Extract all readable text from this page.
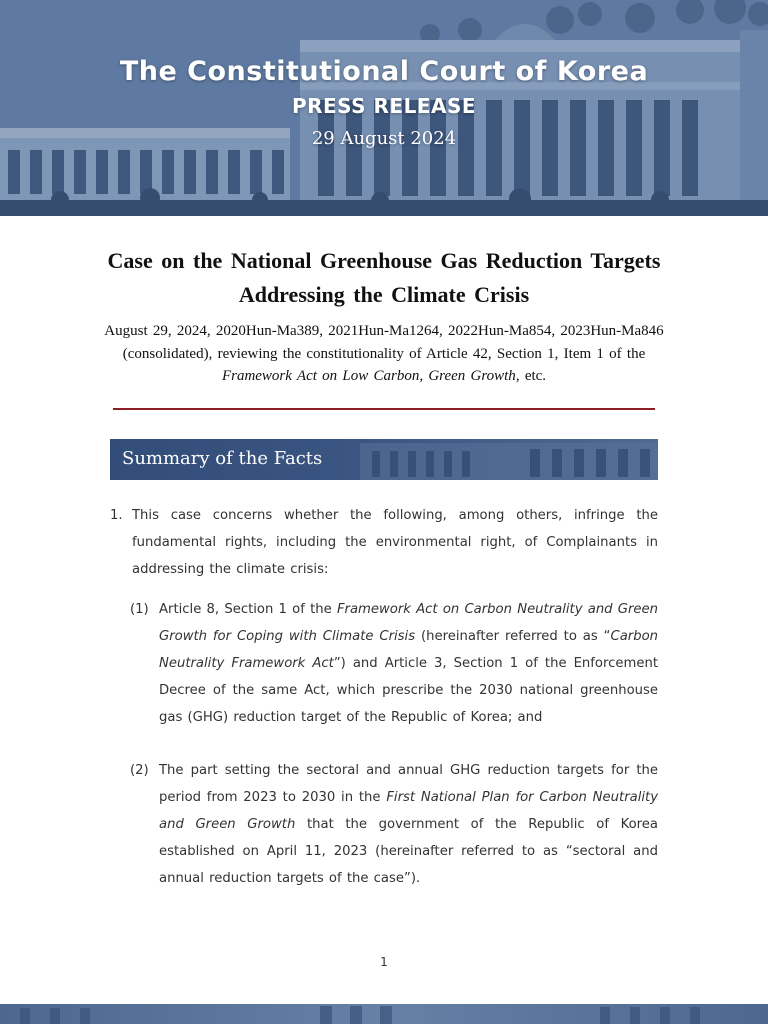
The Constitutional Court of Korea
PRESS RELEASE
29 August 2024
Case on the National Greenhouse Gas Reduction Targets Addressing the Climate Crisis
August 29, 2024, 2020Hun-Ma389, 2021Hun-Ma1264, 2022Hun-Ma854, 2023Hun-Ma846 (consolidated), reviewing the constitutionality of Article 42, Section 1, Item 1 of the Framework Act on Low Carbon, Green Growth, etc.
Summary of the Facts
1. This case concerns whether the following, among others, infringe the fundamental rights, including the environmental right, of Complainants in addressing the climate crisis:
(1) Article 8, Section 1 of the Framework Act on Carbon Neutrality and Green Growth for Coping with Climate Crisis (hereinafter referred to as “Carbon Neutrality Framework Act”) and Article 3, Section 1 of the Enforcement Decree of the same Act, which prescribe the 2030 national greenhouse gas (GHG) reduction target of the Republic of Korea; and
(2) The part setting the sectoral and annual GHG reduction targets for the period from 2023 to 2030 in the First National Plan for Carbon Neutrality and Green Growth that the government of the Republic of Korea established on April 11, 2023 (hereinafter referred to as “sectoral and annual reduction targets of the case”).
1
